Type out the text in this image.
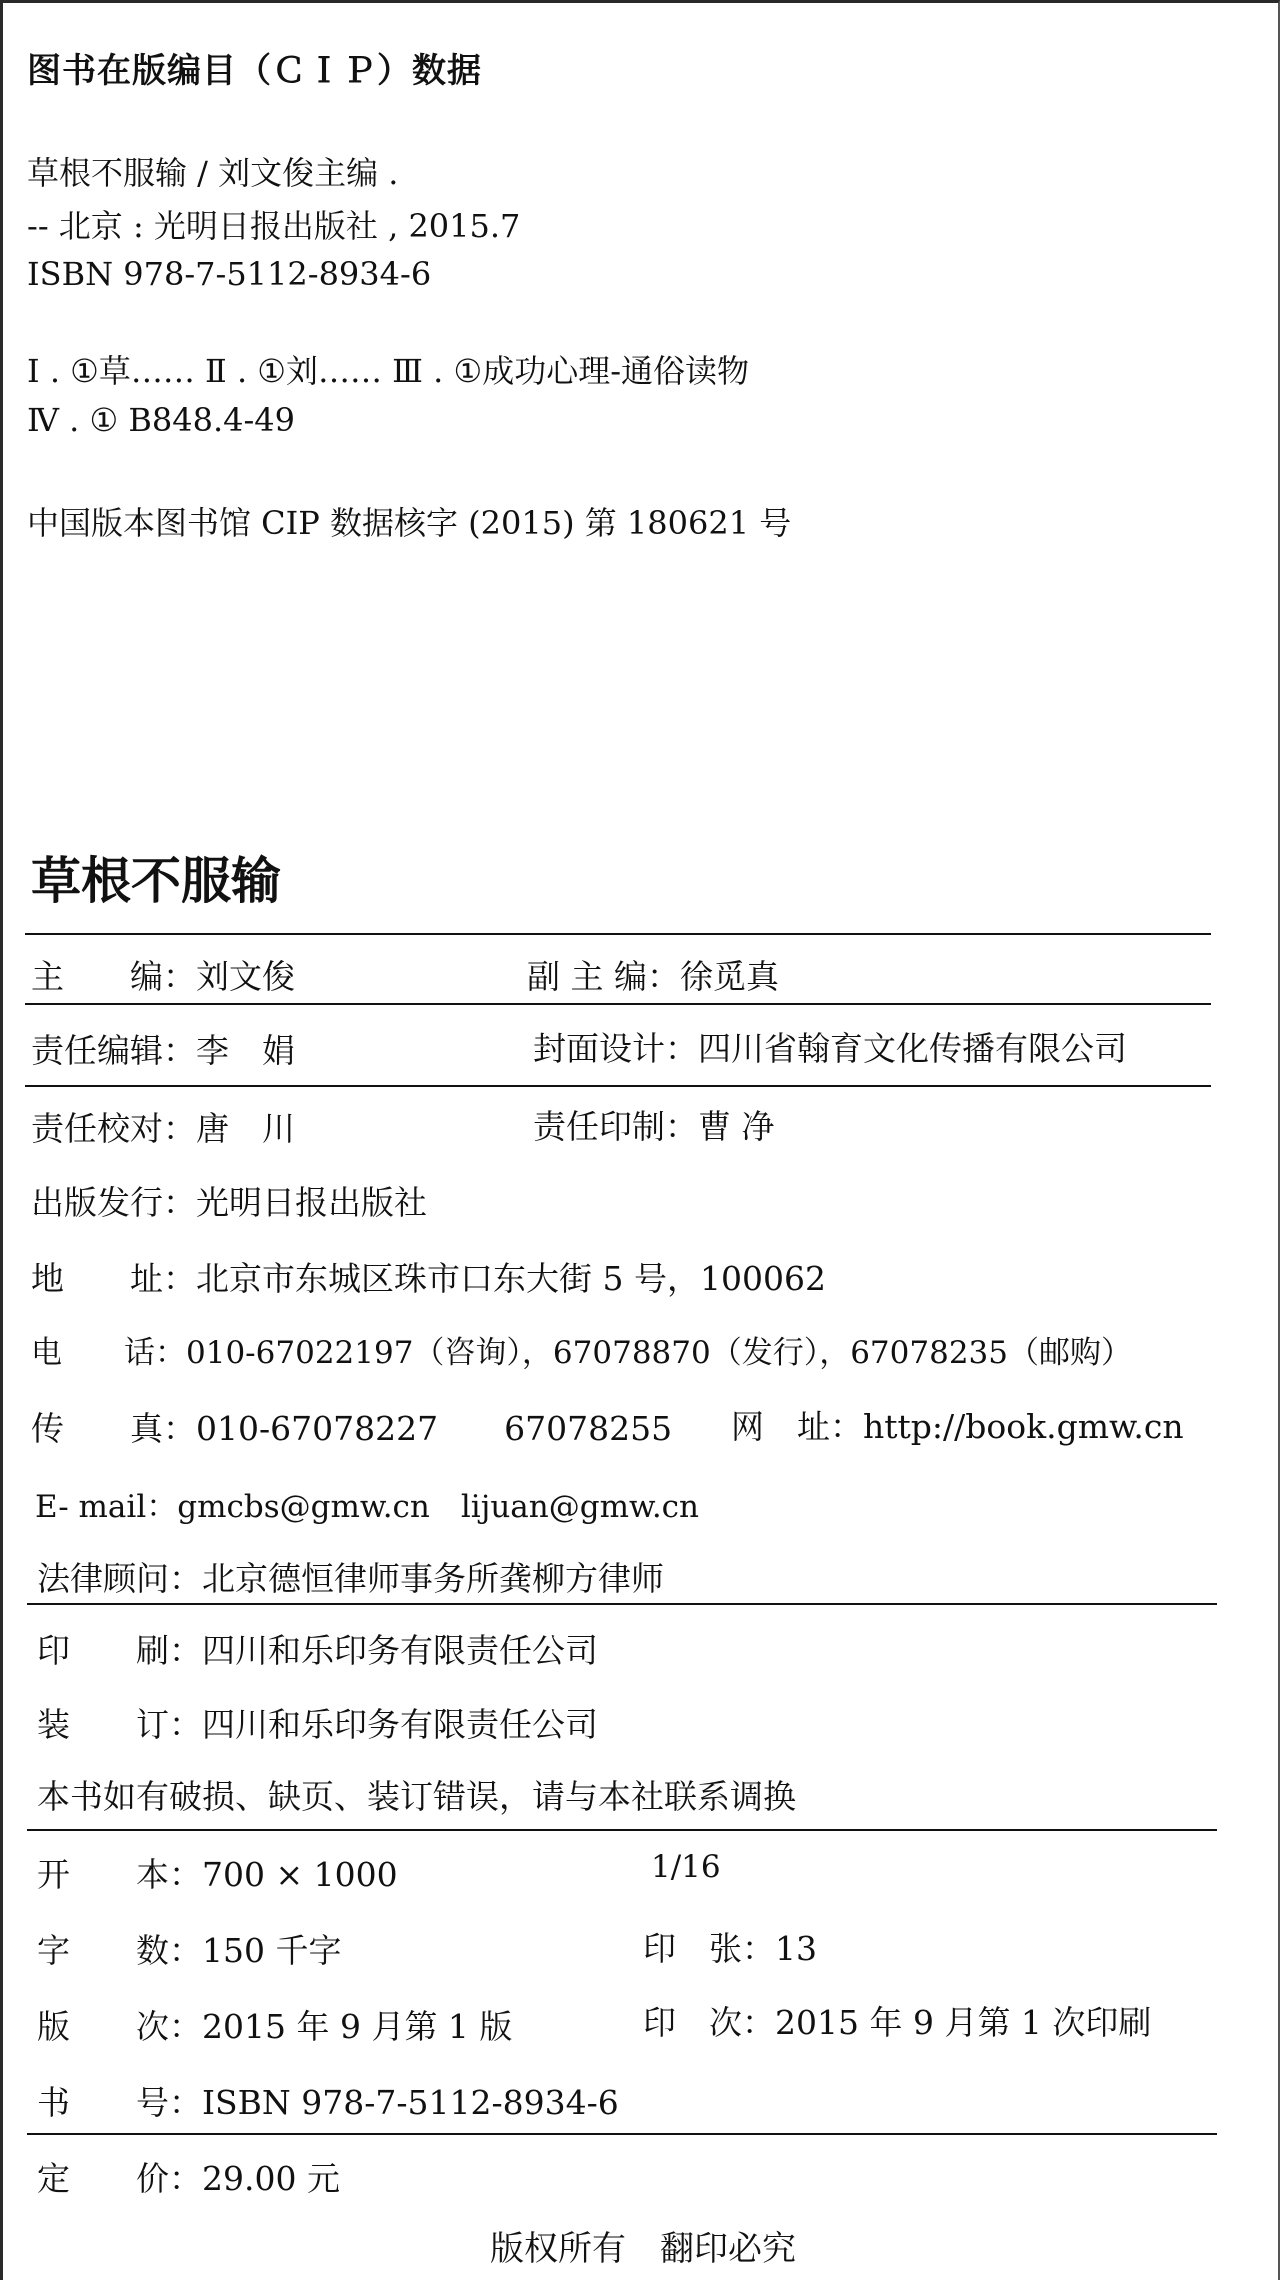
图书在版编目（ＣＩＰ）数据
草根不服输 / 刘文俊主编 .
-- 北京 : 光明日报出版社 , 2015.7
ISBN 978-7-5112-8934-6
Ⅰ . ①草…… Ⅱ . ①刘…… Ⅲ . ①成功心理-通俗读物
Ⅳ . ① B848.4-49
中国版本图书馆 CIP 数据核字 (2015) 第 180621 号
草根不服输
主　　编：刘文俊	副 主 编：徐觅真
责任编辑：李　娟	封面设计：四川省翰育文化传播有限公司
责任校对：唐　川	责任印制：曹 净
出版发行：光明日报出版社
地　　址：北京市东城区珠市口东大街 5 号，100062
电　　话：010-67022197（咨询），67078870（发行），67078235（邮购）
传　　真：010-67078227　　67078255 网　址：http://book.gmw.cn
E- mail：gmcbs@gmw.cn　lijuan@gmw.cn
法律顾问：北京德恒律师事务所龚柳方律师
印　　刷：四川和乐印务有限责任公司
装　　订：四川和乐印务有限责任公司
本书如有破损、缺页、装订错误，请与本社联系调换
开　　本：700 × 1000	1/16
字　　数：150 千字	印　张：13
版　　次：2015 年 9 月第 1 版	印　次：2015 年 9 月第 1 次印刷
书　　号：ISBN 978-7-5112-8934-6
定　　价：29.00 元
版权所有　翻印必究
